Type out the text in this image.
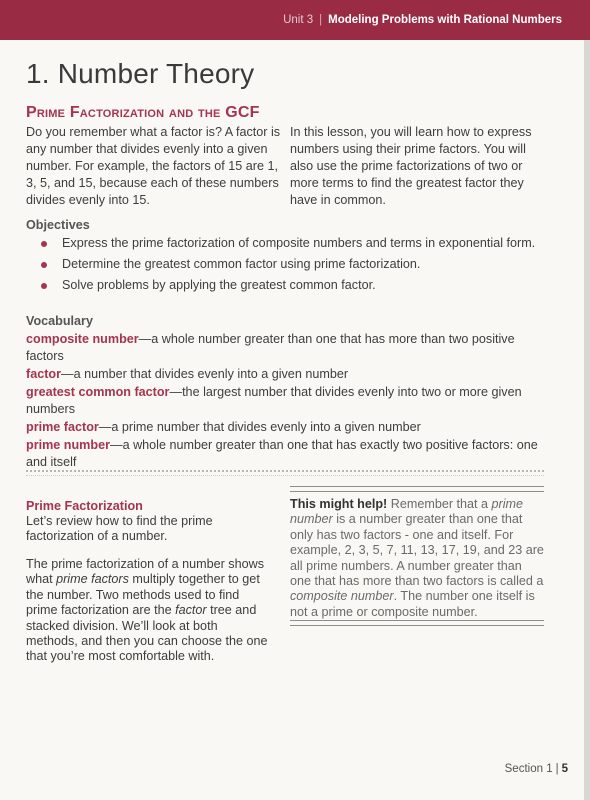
Unit 3 | Modeling Problems with Rational Numbers
1. Number Theory
Prime Factorization and the GCF

Do you remember what a factor is? A factor is any number that divides evenly into a given number. For example, the factors of 15 are 1, 3, 5, and 15, because each of these numbers divides evenly into 15.

In this lesson, you will learn how to express numbers using their prime factors. You will also use the prime factorizations of two or more terms to find the greatest factor they have in common.

Objectives
Express the prime factorization of composite numbers and terms in exponential form.
Determine the greatest common factor using prime factorization.
Solve problems by applying the greatest common factor.
Vocabulary

composite number—a whole number greater than one that has more than two positive factors

factor—a number that divides evenly into a given number

greatest common factor—the largest number that divides evenly into two or more given numbers

prime factor—a prime number that divides evenly into a given number

prime number—a whole number greater than one that has exactly two positive factors: one and itself

Prime Factorization

Let’s review how to find the prime factorization of a number.

The prime factorization of a number shows what prime factors multiply together to get the number. Two methods used to find prime factorization are the factor tree and stacked division. We’ll look at both methods, and then you can choose the one that you’re most comfortable with.

This might help! Remember that a prime number is a number greater than one that only has two factors - one and itself. For example, 2, 3, 5, 7, 11, 13, 17, 19, and 23 are all prime numbers. A number greater than one that has more than two factors is called a composite number. The number one itself is not a prime or composite number.

Section 1 | 5
